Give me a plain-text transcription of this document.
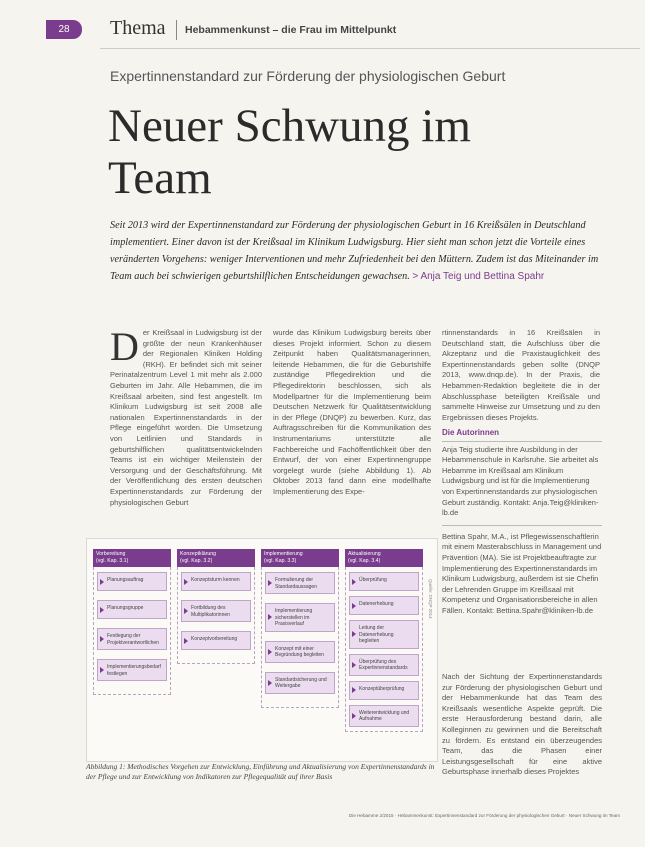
28	Thema Hebammenkunst – die Frau im Mittelpunkt
Expertinnenstandard zur Förderung der physiologischen Geburt
Neuer Schwung im Team
Seit 2013 wird der Expertinnenstandard zur Förderung der physiologischen Geburt in 16 Kreißsälen in Deutschland implementiert. Einer davon ist der Kreißsaal im Klinikum Ludwigsburg. Hier sieht man schon jetzt die Vorteile eines veränderten Vorgehens: weniger Interventionen und mehr Zufriedenheit bei den Müttern. Zudem ist das Miteinander im Team auch bei schwierigen geburtshilflichen Entscheidungen gewachsen. > Anja Teig und Bettina Spahr
D er Kreißsaal in Ludwigsburg ist der größte der neun Krankenhäuser der Regionalen Kliniken Holding (RKH). Er befindet sich mit seiner Perinatalzentrum Level 1 mit mehr als 2.000 Geburten im Jahr. Alle Hebammen, die im Kreißsaal arbeiten, sind fest angestellt. Im Klinikum Ludwigsburg ist seit 2008 alle nationalen Expertinnenstandards in der Pflege eingeführt worden. Die Umsetzung von Leitlinien und Standards in geburtshilflichen qualitätsentwickelnden Teams ist ein wichtiger Meilenstein der Versorgung und der Geschäftsführung. Mit der Veröffentlichung des ersten deutschen Expertinnenstandards zur Förderung der physiologischen Geburt
wurde das Klinikum Ludwigsburg bereits über dieses Projekt informiert. Schon zu diesem Zeitpunkt haben Qualitätsmanagerinnen, leitende Hebammen, die für die Geburtshilfe zuständige Pflegedirektion und die Pflegedirektorin beschlossen, sich als Modellpartner für die Implementierung beim Deutschen Netzwerk für Qualitätsentwicklung in der Pflege (DNQP) zu bewerben. Kurz, das Auftragsschreiben für die Kommunikation des Instrumentariums unterstützte alle Fachbereiche und Fachöffentlichkeit über den Entwurf, der von einer Expertinnengruppe vorgelegt wurde (siehe Abbildung 1). Ab Oktober 2013 fand dann eine modellhafte Implementierung des Expe-
rtinnenstandards in 16 Kreißsälen in Deutschland statt, die Aufschluss über die Akzeptanz und die Praxistauglichkeit des Expertinnenstandards geben sollte (DNQP 2013, www.dnqp.de). In der Praxis, die Hebammen-Redaktion begleitete die in der Abschlussphase beteiligten Kreißsäle und sammelte Hinweise zur Umsetzung und zu den Ergebnissen dieses Projekts.
Die Autorinnen

Anja Teig studierte ihre Ausbildung in der Hebammenschule in Karlsruhe. Sie arbeitet als Hebamme im Kreißsaal am Klinikum Ludwigsburg und ist für die Implementierung von Expertinnenstandards zur physiologischen Geburt zuständig. Kontakt: Anja.Teig@kliniken-lb.de

Bettina Spahr, M.A., ist Pflegewissenschaftlerin mit einem Masterabschluss in Management und Prävention (MA). Sie ist Projektbeauftragte zur Implementierung des Expertinnenstandards im Klinikum Ludwigsburg, außerdem ist sie Chefin der Lehrenden Gruppe im Kreißsaal mit Kompetenz und Organisationsbereiche in allen Fällen. Kontakt: Bettina.Spahr@kliniken-lb.de

Nach der Sichtung der Expertinnenstandards zur Förderung der physiologischen Geburt und der Hebammenkunde hat das Team des Kreißsaals wesentliche Aspekte geprüft. Die erste Herausforderung bestand darin, alle Kolleginnen zu gewinnen und die Bereitschaft zu fördern. Es entstand ein überzeugendes Team, das die Phasen einer Leistungsgesellschaft für eine aktive Geburtsphase innerhalb dieses Projektes
Vorbereitung
(vgl. Kap. 3.1)
Planungsauftrag
Planungsgruppe
Festlegung der Projektverantwortlichen
Implementierungsbedarf festlegen
Konzeptklärung
(vgl. Kap. 3.2)
Konzeptsturm kennen
Fortbildung des Multiplikatorinnen
Konzeptvorbereitung
Implementierung
(vgl. Kap. 3.3)
Formulierung der Standardaussagen
Implementierung sicherstellen im Praxisverlauf
Konzept mit einer Begründung begleiten
Standardsicherung und Weitergabe
Aktualisierung
(vgl. Kap. 3.4)
Überprüfung
Datenerhebung
Leitung der Datenerhebung begleiten
Überprüfung des Expertinnenstandards
Konzeptüberprüfung
Weiterentwicklung und Aufnahme
Quelle: DNQP 2014
Abbildung 1: Methodisches Vorgehen zur Entwicklung, Einführung und Aktualisierung von Expertinnenstandards in der Pflege und zur Entwicklung von Indikatoren zur Pflegequalität auf ihrer Basis
Die Hebamme 2/2015 · Hebammenkunst: Expertinnenstandard zur Förderung der physiologischen Geburt · Neuer Schwung im Team
